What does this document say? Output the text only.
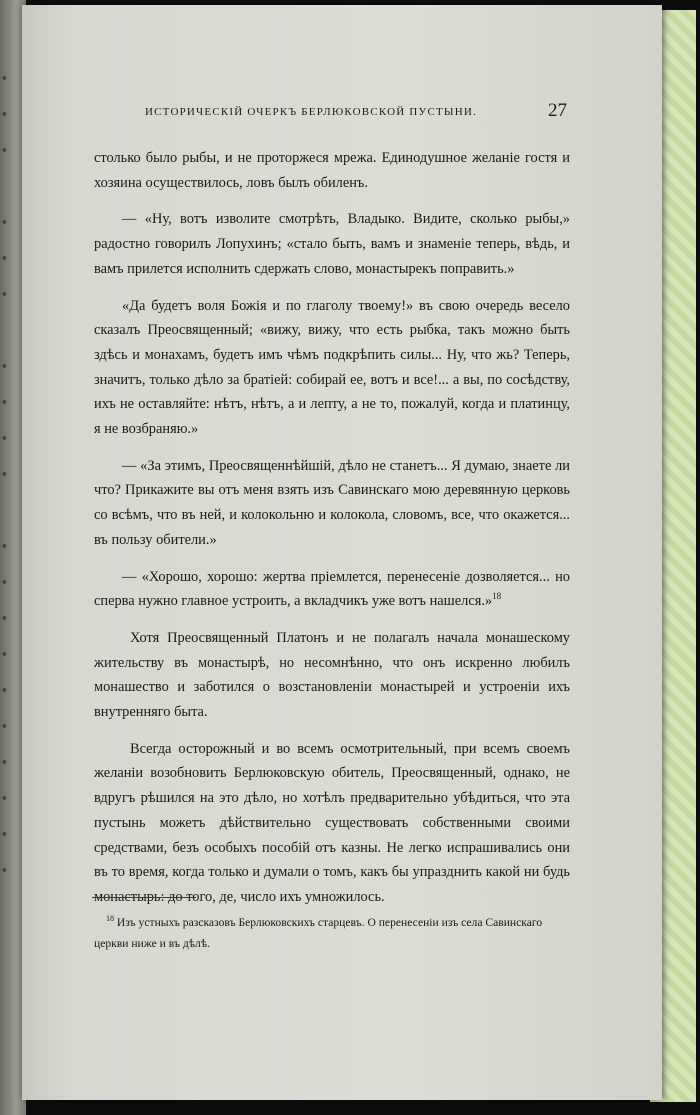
▪
▪
▪

▪
▪
▪

▪
▪
▪
▪

▪
▪
▪
▪
▪
▪
▪
▪
▪
▪
ИСТОРИЧЕСКІЙ ОЧЕРКЪ БЕРЛЮКОВСКОЙ ПУСТЫНИ.	27

столько было рыбы, и не проторжеся мрежа. Единодушное желаніе гостя и хозяина осуществилось, ловъ былъ обиленъ.

— «Ну, вотъ изволите смотрѣть, Владыко. Видите, сколько рыбы,» радостно говорилъ Лопухинъ; «стало быть, вамъ и знаменіе теперь, вѣдь, и вамъ прилется исполнить сдержать слово, монастырекъ поправить.»

«Да будетъ воля Божія и по глаголу твоему!» въ свою очередь весело сказалъ Преосвященный; «вижу, вижу, что есть рыбка, такъ можно быть здѣсь и монахамъ, будетъ имъ чѣмъ подкрѣпить силы... Ну, что жь? Теперь, значитъ, только дѣло за братіей: собирай ее, вотъ и все!... а вы, по сосѣдству, ихъ не оставляйте: нѣтъ, нѣтъ, а и лепту, а не то, пожалуй, когда и платинцу, я не возбраняю.»

— «За этимъ, Преосвященнѣйшій, дѣло не станетъ... Я думаю, знаете ли что? Прикажите вы отъ меня взять изъ Савинскаго мою деревянную церковь со всѣмъ, что въ ней, и колокольню и колокола, словомъ, все, что окажется... въ пользу обители.»

— «Хорошо, хорошо: жертва пріемлется, перенесеніе дозволяется... но сперва нужно главное устроить, а вкладчикъ уже вотъ нашелся.»$^{18}$

Хотя Преосвященный Платонъ и не полагалъ начала монашескому жительству въ монастырѣ, но несомнѣнно, что онъ искренно любилъ монашество и заботился о возстановленіи монастырей и устроеніи ихъ внутренняго быта.

Всегда осторожный и во всемъ осмотрительный, при всемъ своемъ желаніи возобновить Берлюковскую обитель, Преосвященный, однако, не вдругъ рѣшился на это дѣло, но хотѣлъ предварительно убѣдиться, что эта пустынь можетъ дѣйствительно существовать собственными своими средствами, безъ особыхъ пособій отъ казны. Не легко испрашивались они въ то время, когда только и думали о томъ, какъ бы упразднить какой ни будь монастырь: до того, де, число ихъ умножилось.

$^{18}$ Изъ устныхъ разсказовъ Берлюковскихъ старцевъ. О перенесеніи изъ села Савинскаго церкви ниже и въ дѣлѣ.
